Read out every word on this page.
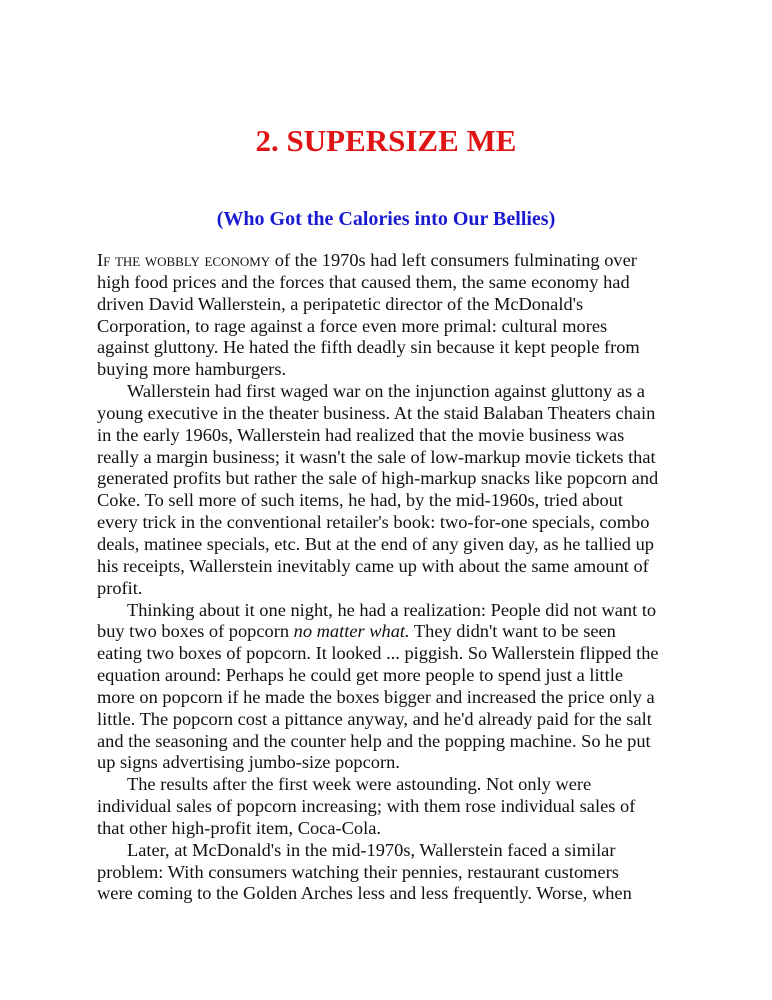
2. SUPERSIZE ME
(Who Got the Calories into Our Bellies)
If the wobbly economy of the 1970s had left consumers fulminating over
high food prices and the forces that caused them, the same economy had
driven David Wallerstein, a peripatetic director of the McDonald's
Corporation, to rage against a force even more primal: cultural mores
against gluttony. He hated the fifth deadly sin because it kept people from
buying more hamburgers.
Wallerstein had first waged war on the injunction against gluttony as a
young executive in the theater business. At the staid Balaban Theaters chain
in the early 1960s, Wallerstein had realized that the movie business was
really a margin business; it wasn't the sale of low-markup movie tickets that
generated profits but rather the sale of high-markup snacks like popcorn and
Coke. To sell more of such items, he had, by the mid-1960s, tried about
every trick in the conventional retailer's book: two-for-one specials, combo
deals, matinee specials, etc. But at the end of any given day, as he tallied up
his receipts, Wallerstein inevitably came up with about the same amount of
profit.
Thinking about it one night, he had a realization: People did not want to
buy two boxes of popcorn no matter what. They didn't want to be seen
eating two boxes of popcorn. It looked ... piggish. So Wallerstein flipped the
equation around: Perhaps he could get more people to spend just a little
more on popcorn if he made the boxes bigger and increased the price only a
little. The popcorn cost a pittance anyway, and he'd already paid for the salt
and the seasoning and the counter help and the popping machine. So he put
up signs advertising jumbo-size popcorn.
The results after the first week were astounding. Not only were
individual sales of popcorn increasing; with them rose individual sales of
that other high-profit item, Coca-Cola.
Later, at McDonald's in the mid-1970s, Wallerstein faced a similar
problem: With consumers watching their pennies, restaurant customers
were coming to the Golden Arches less and less frequently. Worse, when
